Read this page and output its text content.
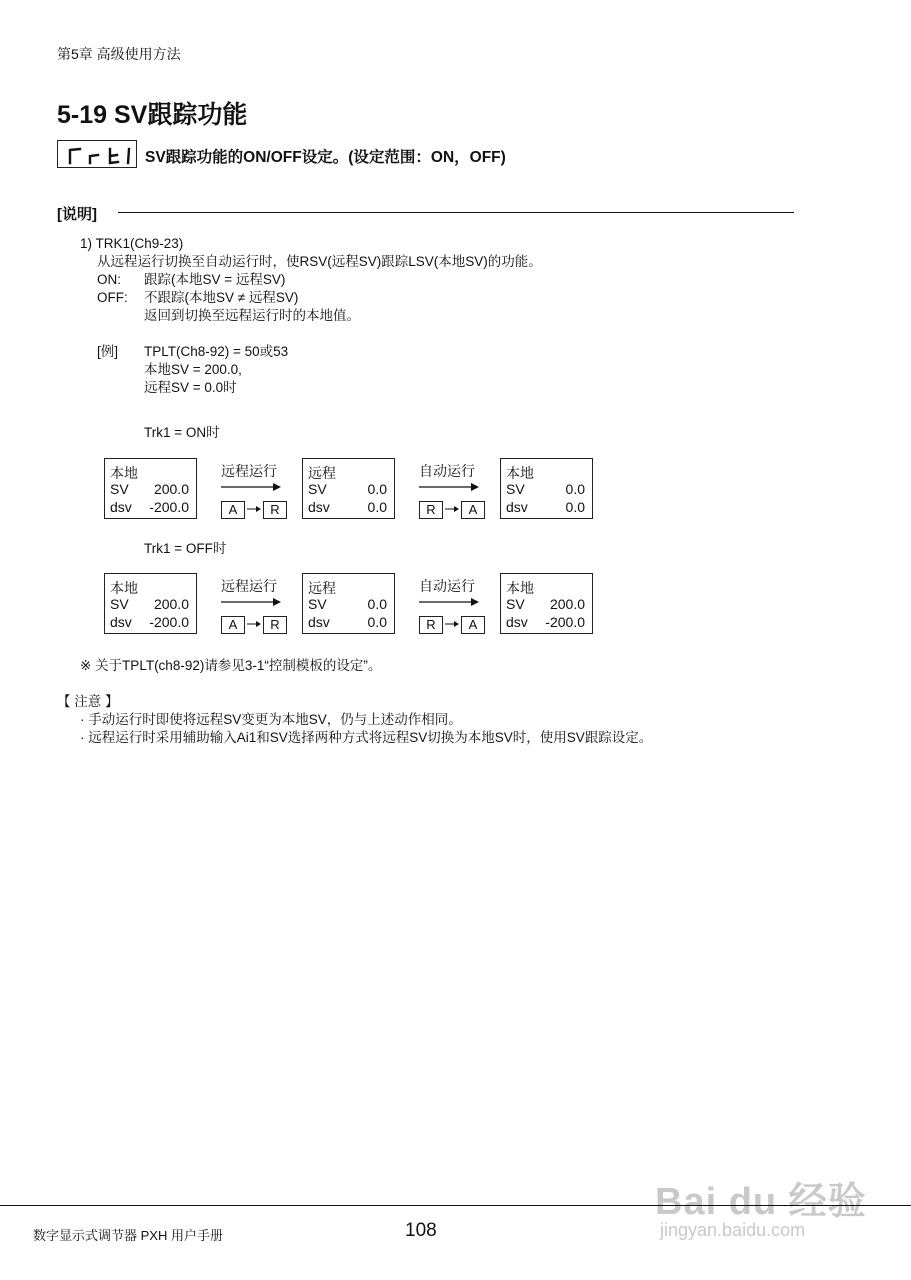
第5章 高级使用方法
5-19 SV跟踪功能
SV跟踪功能的ON/OFF设定。(设定范围：ON，OFF)
[说明]
1) TRK1(Ch9-23)
从远程运行切换至自动运行时，使RSV(远程SV)跟踪LSV(本地SV)的功能。
ON: 跟踪(本地SV = 远程SV)
OFF: 不跟踪(本地SV ≠ 远程SV)
返回到切换至远程运行时的本地值。
[例] TPLT(Ch8-92) = 50或53
本地SV = 200.0,
远程SV = 0.0时
Trk1 = ON时
本地
SV 200.0
dsv -200.0
远程
SV	0.0
dsv	0.0
本地
SV	0.0
dsv	0.0
远程运行
A	R
自动运行
R	A
Trk1 = OFF时
本地
SV 200.0
dsv -200.0
远程
SV	0.0
dsv	0.0
本地
SV 200.0
dsv -200.0
远程运行
A	R
自动运行
R	A
※ 关于TPLT(ch8-92)请参见3-1“控制模板的设定”。
【 注意 】
· 手动运行时即使将远程SV变更为本地SV，仍与上述动作相同。
· 远程运行时采用辅助输入Ai1和SV选择两种方式将远程SV切换为本地SV时，使用SV跟踪设定。
Bai du 经验
jingyan.baidu.com
数字显示式调节器 PXH 用户手册	108
